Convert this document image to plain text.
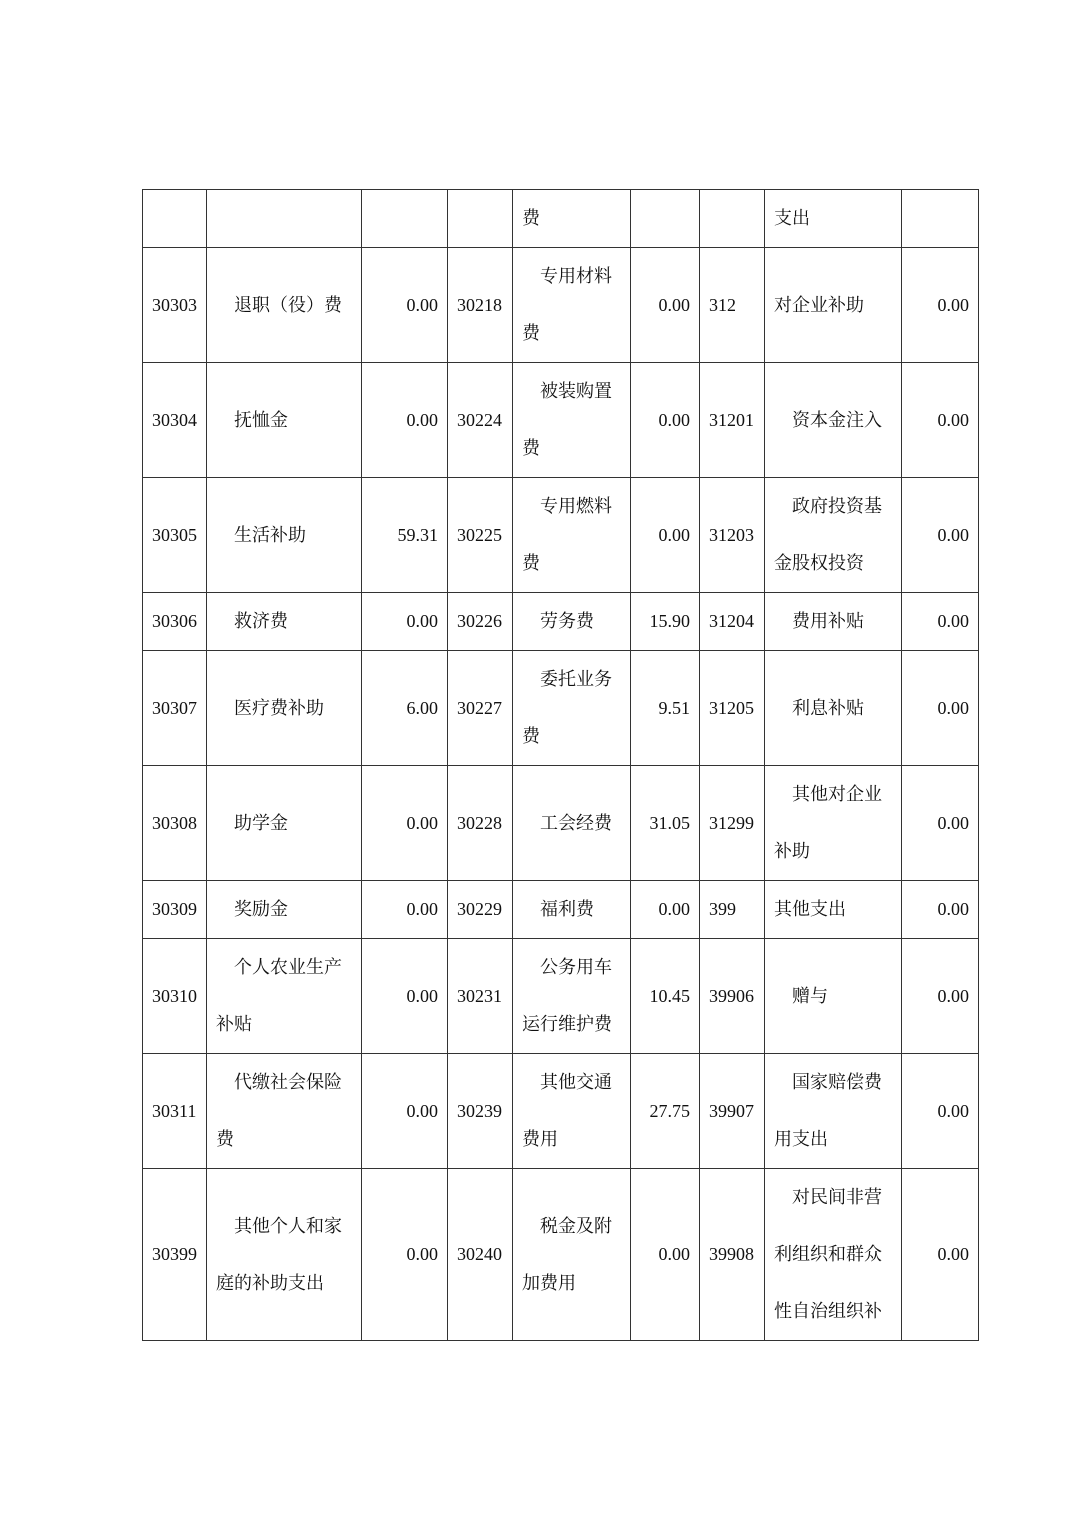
				费			支出	
30303	退职（役）费	0.00	30218	专用材料费	0.00	312	对企业补助	0.00
30304	抚恤金	0.00	30224	被装购置费	0.00	31201	资本金注入	0.00
30305	生活补助	59.31	30225	专用燃料费	0.00	31203	政府投资基金股权投资	0.00
30306	救济费	0.00	30226	劳务费	15.90	31204	费用补贴	0.00
30307	医疗费补助	6.00	30227	委托业务费	9.51	31205	利息补贴	0.00
30308	助学金	0.00	30228	工会经费	31.05	31299	其他对企业补助	0.00
30309	奖励金	0.00	30229	福利费	0.00	399	其他支出	0.00
30310	个人农业生产补贴	0.00	30231	公务用车运行维护费	10.45	39906	赠与	0.00
30311	代缴社会保险费	0.00	30239	其他交通费用	27.75	39907	国家赔偿费用支出	0.00
30399	其他个人和家庭的补助支出	0.00	30240	税金及附加费用	0.00	39908	对民间非营利组织和群众性自治组织补	0.00
